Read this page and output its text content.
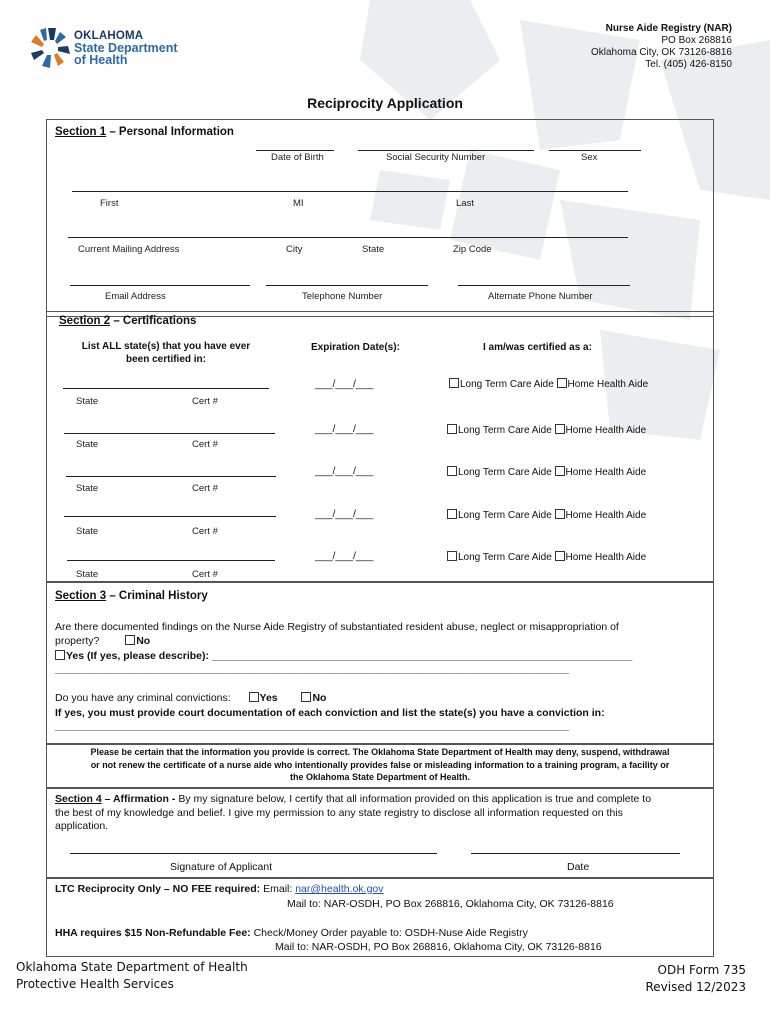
OKLAHOMA
State Department
of Health
Nurse Aide Registry (NAR)
PO Box 268816
Oklahoma City, OK 73126-8816
Tel. (405) 426-8150
Reciprocity Application
Section 1 – Personal Information
Date of Birth	Social Security Number	Sex
First	MI	Last
Current Mailing Address	City	State	Zip Code
Email Address	Telephone Number	Alternate Phone Number
Section 2 – Certifications
List ALL state(s) that you have ever
been certified in:
Expiration Date(s):	I am/was certified as a:
___/___/___	Long Term Care Aide Home Health Aide
State	Cert #
___/___/___	Long Term Care Aide Home Health Aide
State	Cert #
___/___/___	Long Term Care Aide Home Health Aide
State	Cert #
___/___/___	Long Term Care Aide Home Health Aide
State	Cert #
___/___/___	Long Term Care Aide Home Health Aide
State	Cert #
Section 3 – Criminal History
Are there documented findings on the Nurse Aide Registry of substantiated resident abuse, neglect or misappropriation of
property?	No
Yes (If yes, please describe): ________________________________________________________________________
________________________________________________________________________________________
Do you have any criminal convictions:	Yes	No
If yes, you must provide court documentation of each conviction and list the state(s) you have a conviction in:
________________________________________________________________________________________
Please be certain that the information you provide is correct. The Oklahoma State Department of Health may deny, suspend, withdrawal
or not renew the certificate of a nurse aide who intentionally provides false or misleading information to a training program, a facility or
the Oklahoma State Department of Health.
Section 4 – Affirmation - By my signature below, I certify that all information provided on this application is true and complete to
the best of my knowledge and belief. I give my permission to any state registry to disclose all information requested on this
application.
Signature of Applicant	Date
LTC Reciprocity Only – NO FEE required: Email: nar@health.ok.gov
Mail to: NAR-OSDH, PO Box 268816, Oklahoma City, OK 73126-8816
HHA requires $15 Non-Refundable Fee: Check/Money Order payable to: OSDH-Nuse Aide Registry
Mail to: NAR-OSDH, PO Box 268816, Oklahoma City, OK 73126-8816
Oklahoma State Department of Health
Protective Health Services
ODH Form 735
Revised 12/2023
